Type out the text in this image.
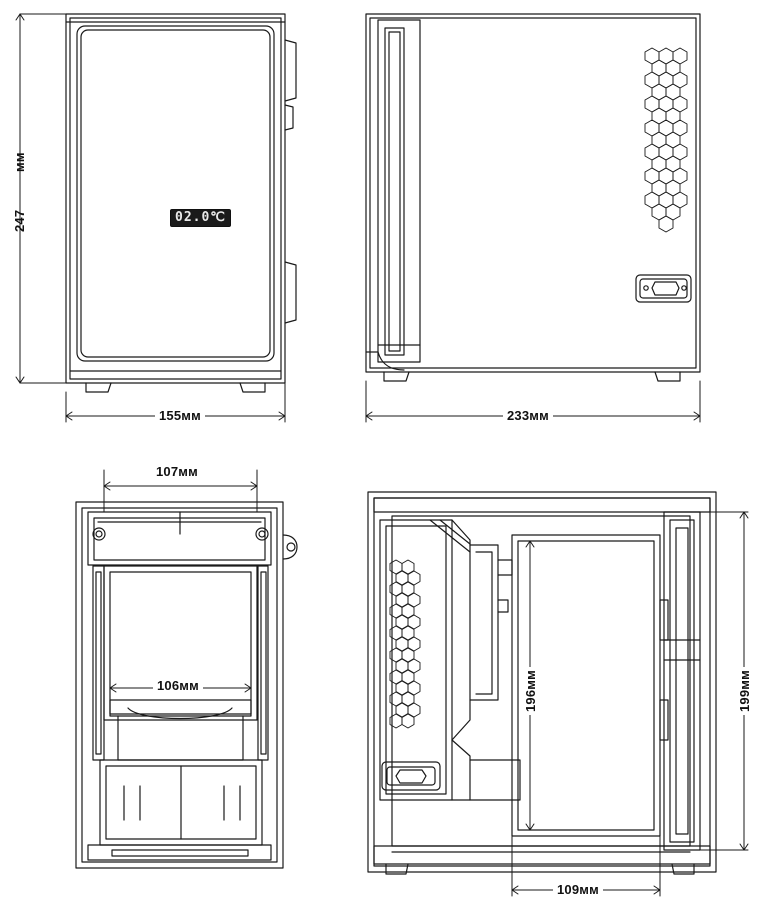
02.0℃
247
мм
155мм	233мм
107мм
106мм	196мм	199мм
109мм
